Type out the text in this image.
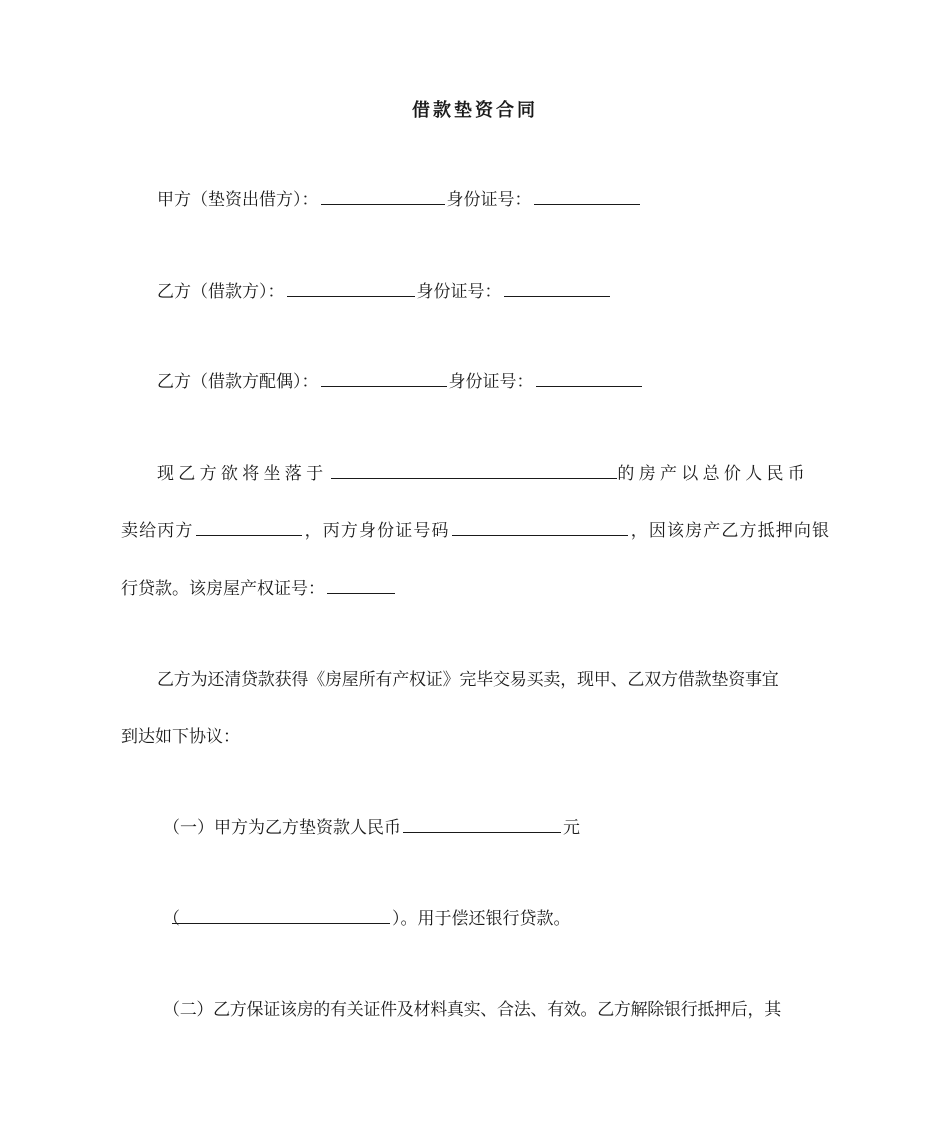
借款垫资合同
甲方（垫资出借方）：	身份证号：
乙方（借款方）：	身份证号：
乙方（借款方配偶）：	身份证号：
现乙方欲将坐落于	的房产以总价人民币
卖给丙方	，丙方身份证号码	，因该房产乙方抵押向银
行贷款。该房屋产权证号：
乙方为还清贷款获得《房屋所有产权证》完毕交易买卖，现甲、乙双方借款垫资事宜
到达如下协议：
（一）甲方为乙方垫资款人民币	元
（	）。用于偿还银行贷款。
（二）乙方保证该房的有关证件及材料真实、合法、有效。乙方解除银行抵押后，其
